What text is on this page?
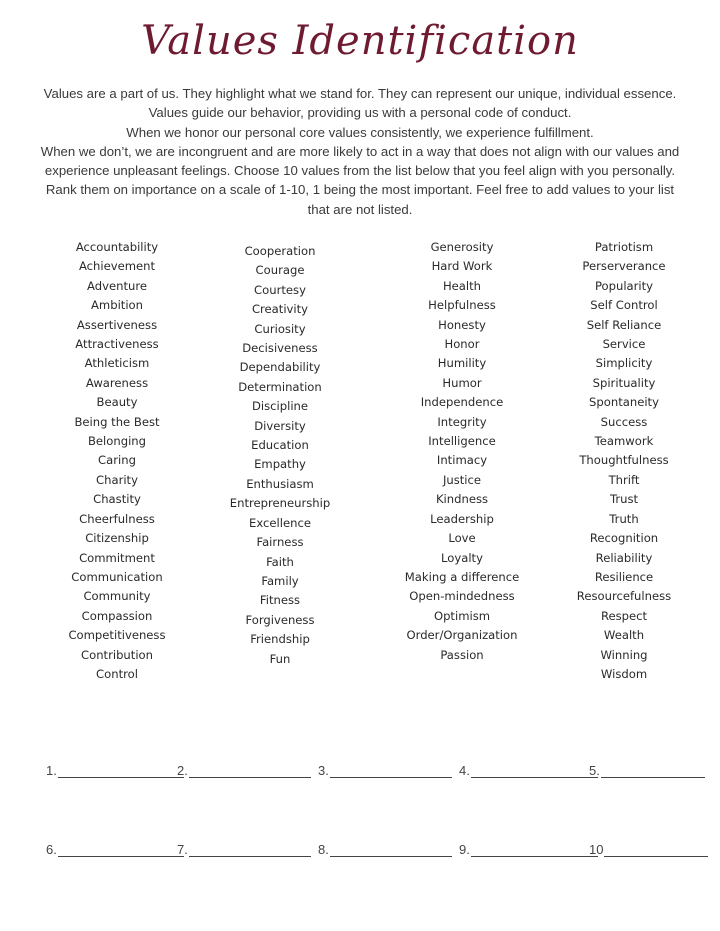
Values Identification
Values are a part of us. They highlight what we stand for. They can represent our unique, individual essence.
Values guide our behavior, providing us with a personal code of conduct.
When we honor our personal core values consistently, we experience fulfillment.
When we don’t, we are incongruent and are more likely to act in a way that does not align with our values and
experience unpleasant feelings. Choose 10 values from the list below that you feel align with you personally.
Rank them on importance on a scale of 1-10, 1 being the most important. Feel free to add values to your list
that are not listed.
Accountability
Achievement
Adventure
Ambition
Assertiveness
Attractiveness
Athleticism
Awareness
Beauty
Being the Best
Belonging
Caring
Charity
Chastity
Cheerfulness
Citizenship
Commitment
Communication
Community
Compassion
Competitiveness
Contribution
Control
Cooperation
Courage
Courtesy
Creativity
Curiosity
Decisiveness
Dependability
Determination
Discipline
Diversity
Education
Empathy
Enthusiasm
Entrepreneurship
Excellence
Fairness
Faith
Family
Fitness
Forgiveness
Friendship
Fun
Generosity
Hard Work
Health
Helpfulness
Honesty
Honor
Humility
Humor
Independence
Integrity
Intelligence
Intimacy
Justice
Kindness
Leadership
Love
Loyalty
Making a difference
Open-mindedness
Optimism
Order/Organization
Passion
Patriotism
Perserverance
Popularity
Self Control
Self Reliance
Service
Simplicity
Spirituality
Spontaneity
Success
Teamwork
Thoughtfulness
Thrift
Trust
Truth
Recognition
Reliability
Resilience
Resourcefulness
Respect
Wealth
Winning
Wisdom
1.	2.	3.	4.	5.
6.	7.	8.	9.	10
